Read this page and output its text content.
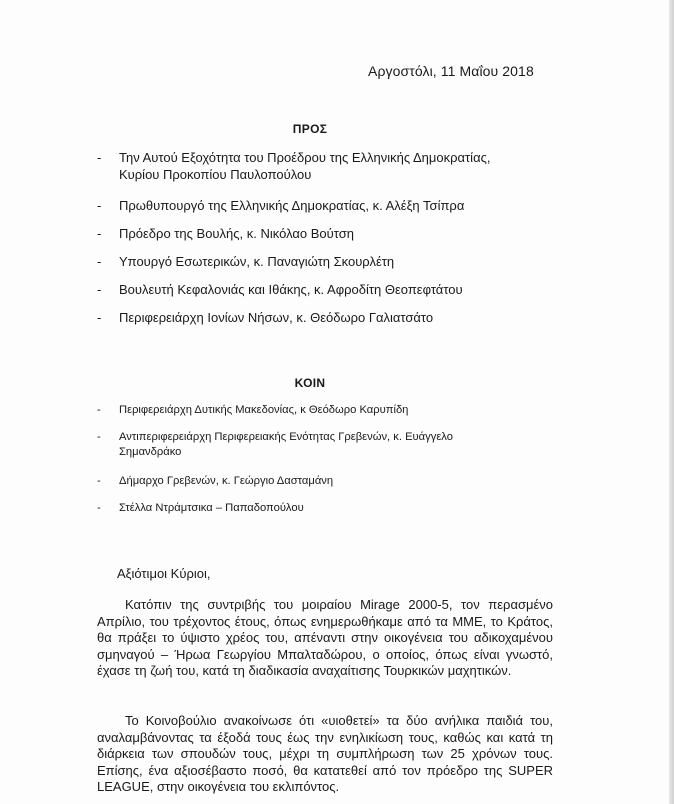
Αργοστόλι, 11 Μαΐου 2018
ΠΡΟΣ
-	Την Αυτού Εξοχότητα του Προέδρου της Ελληνικής Δημοκρατίας,
Κυρίου Προκοπίου Παυλοπούλου
-	Πρωθυπουργό της Ελληνικής Δημοκρατίας, κ. Αλέξη Τσίπρα
-	Πρόεδρο της Βουλής, κ. Νικόλαο Βούτση
-	Υπουργό Εσωτερικών, κ. Παναγιώτη Σκουρλέτη
-	Βουλευτή Κεφαλονιάς και Ιθάκης, κ. Αφροδίτη Θεοπεφτάτου
-	Περιφερειάρχη Ιονίων Νήσων, κ. Θεόδωρο Γαλιατσάτο
ΚΟΙΝ
-	Περιφερειάρχη Δυτικής Μακεδονίας, κ Θεόδωρο Καρυπίδη
-	Αντιπεριφερειάρχη Περιφερειακής Ενότητας Γρεβενών, κ. Ευάγγελο
Σημανδράκο
-	Δήμαρχο Γρεβενών, κ. Γεώργιο Δασταμάνη
-	Στέλλα Ντράμτσικα – Παπαδοπούλου
Αξιότιμοι Κύριοι,

Κατόπιν της συντριβής του μοιραίου Mirage 2000-5, τον περασμένο Απρίλιο, του τρέχοντος έτους, όπως ενημερωθήκαμε από τα ΜΜΕ, το Κράτος, θα πράξει το ύψιστο χρέος του, απέναντι στην οικογένεια του αδικοχαμένου σμηναγού – Ήρωα Γεωργίου Μπαλταδώρου, ο οποίος, όπως είναι γνωστό, έχασε τη ζωή του, κατά τη διαδικασία αναχαίτισης Τουρκικών μαχητικών.

Το Κοινοβούλιο ανακοίνωσε ότι «υιοθετεί» τα δύο ανήλικα παιδιά του, αναλαμβάνοντας τα έξοδά τους έως την ενηλικίωση τους, καθώς και κατά τη διάρκεια των σπουδών τους, μέχρι τη συμπλήρωση των 25 χρόνων τους. Επίσης, ένα αξιοσέβαστο ποσό, θα κατατεθεί από τον πρόεδρο της SUPER LEAGUE, στην οικογένεια του εκλιπόντος.
